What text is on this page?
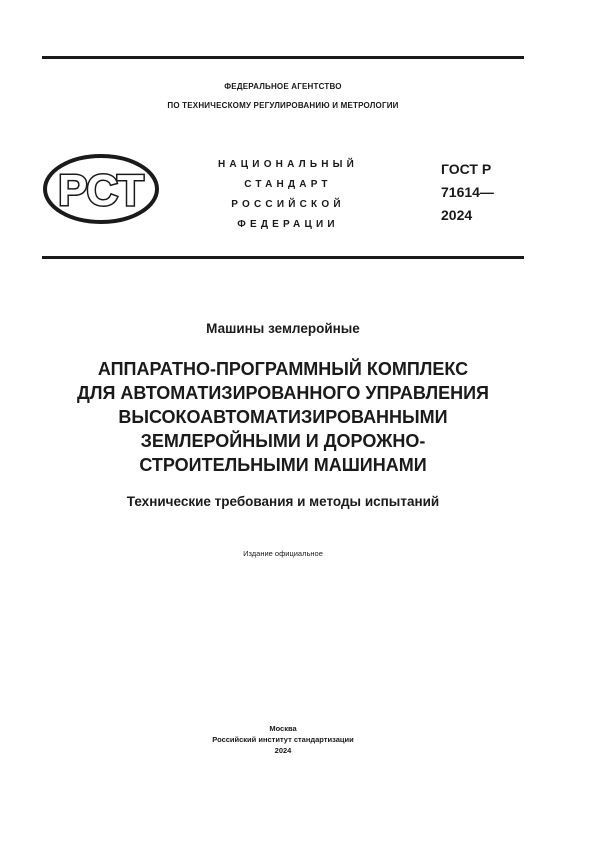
ФЕДЕРАЛЬНОЕ АГЕНТСТВО
ПО ТЕХНИЧЕСКОМУ РЕГУЛИРОВАНИЮ И МЕТРОЛОГИИ
РСТ
НАЦИОНАЛЬНЫЙ
СТАНДАРТ
РОССИЙСКОЙ
ФЕДЕРАЦИИ
ГОСТ Р
71614—
2024
Машины землеройные
АППАРАТНО-ПРОГРАММНЫЙ КОМПЛЕКС
ДЛЯ АВТОМАТИЗИРОВАННОГО УПРАВЛЕНИЯ
ВЫСОКОАВТОМАТИЗИРОВАННЫМИ
ЗЕМЛЕРОЙНЫМИ И ДОРОЖНО-
СТРОИТЕЛЬНЫМИ МАШИНАМИ
Технические требования и методы испытаний
Издание официальное
Москва
Российский институт стандартизации
2024
